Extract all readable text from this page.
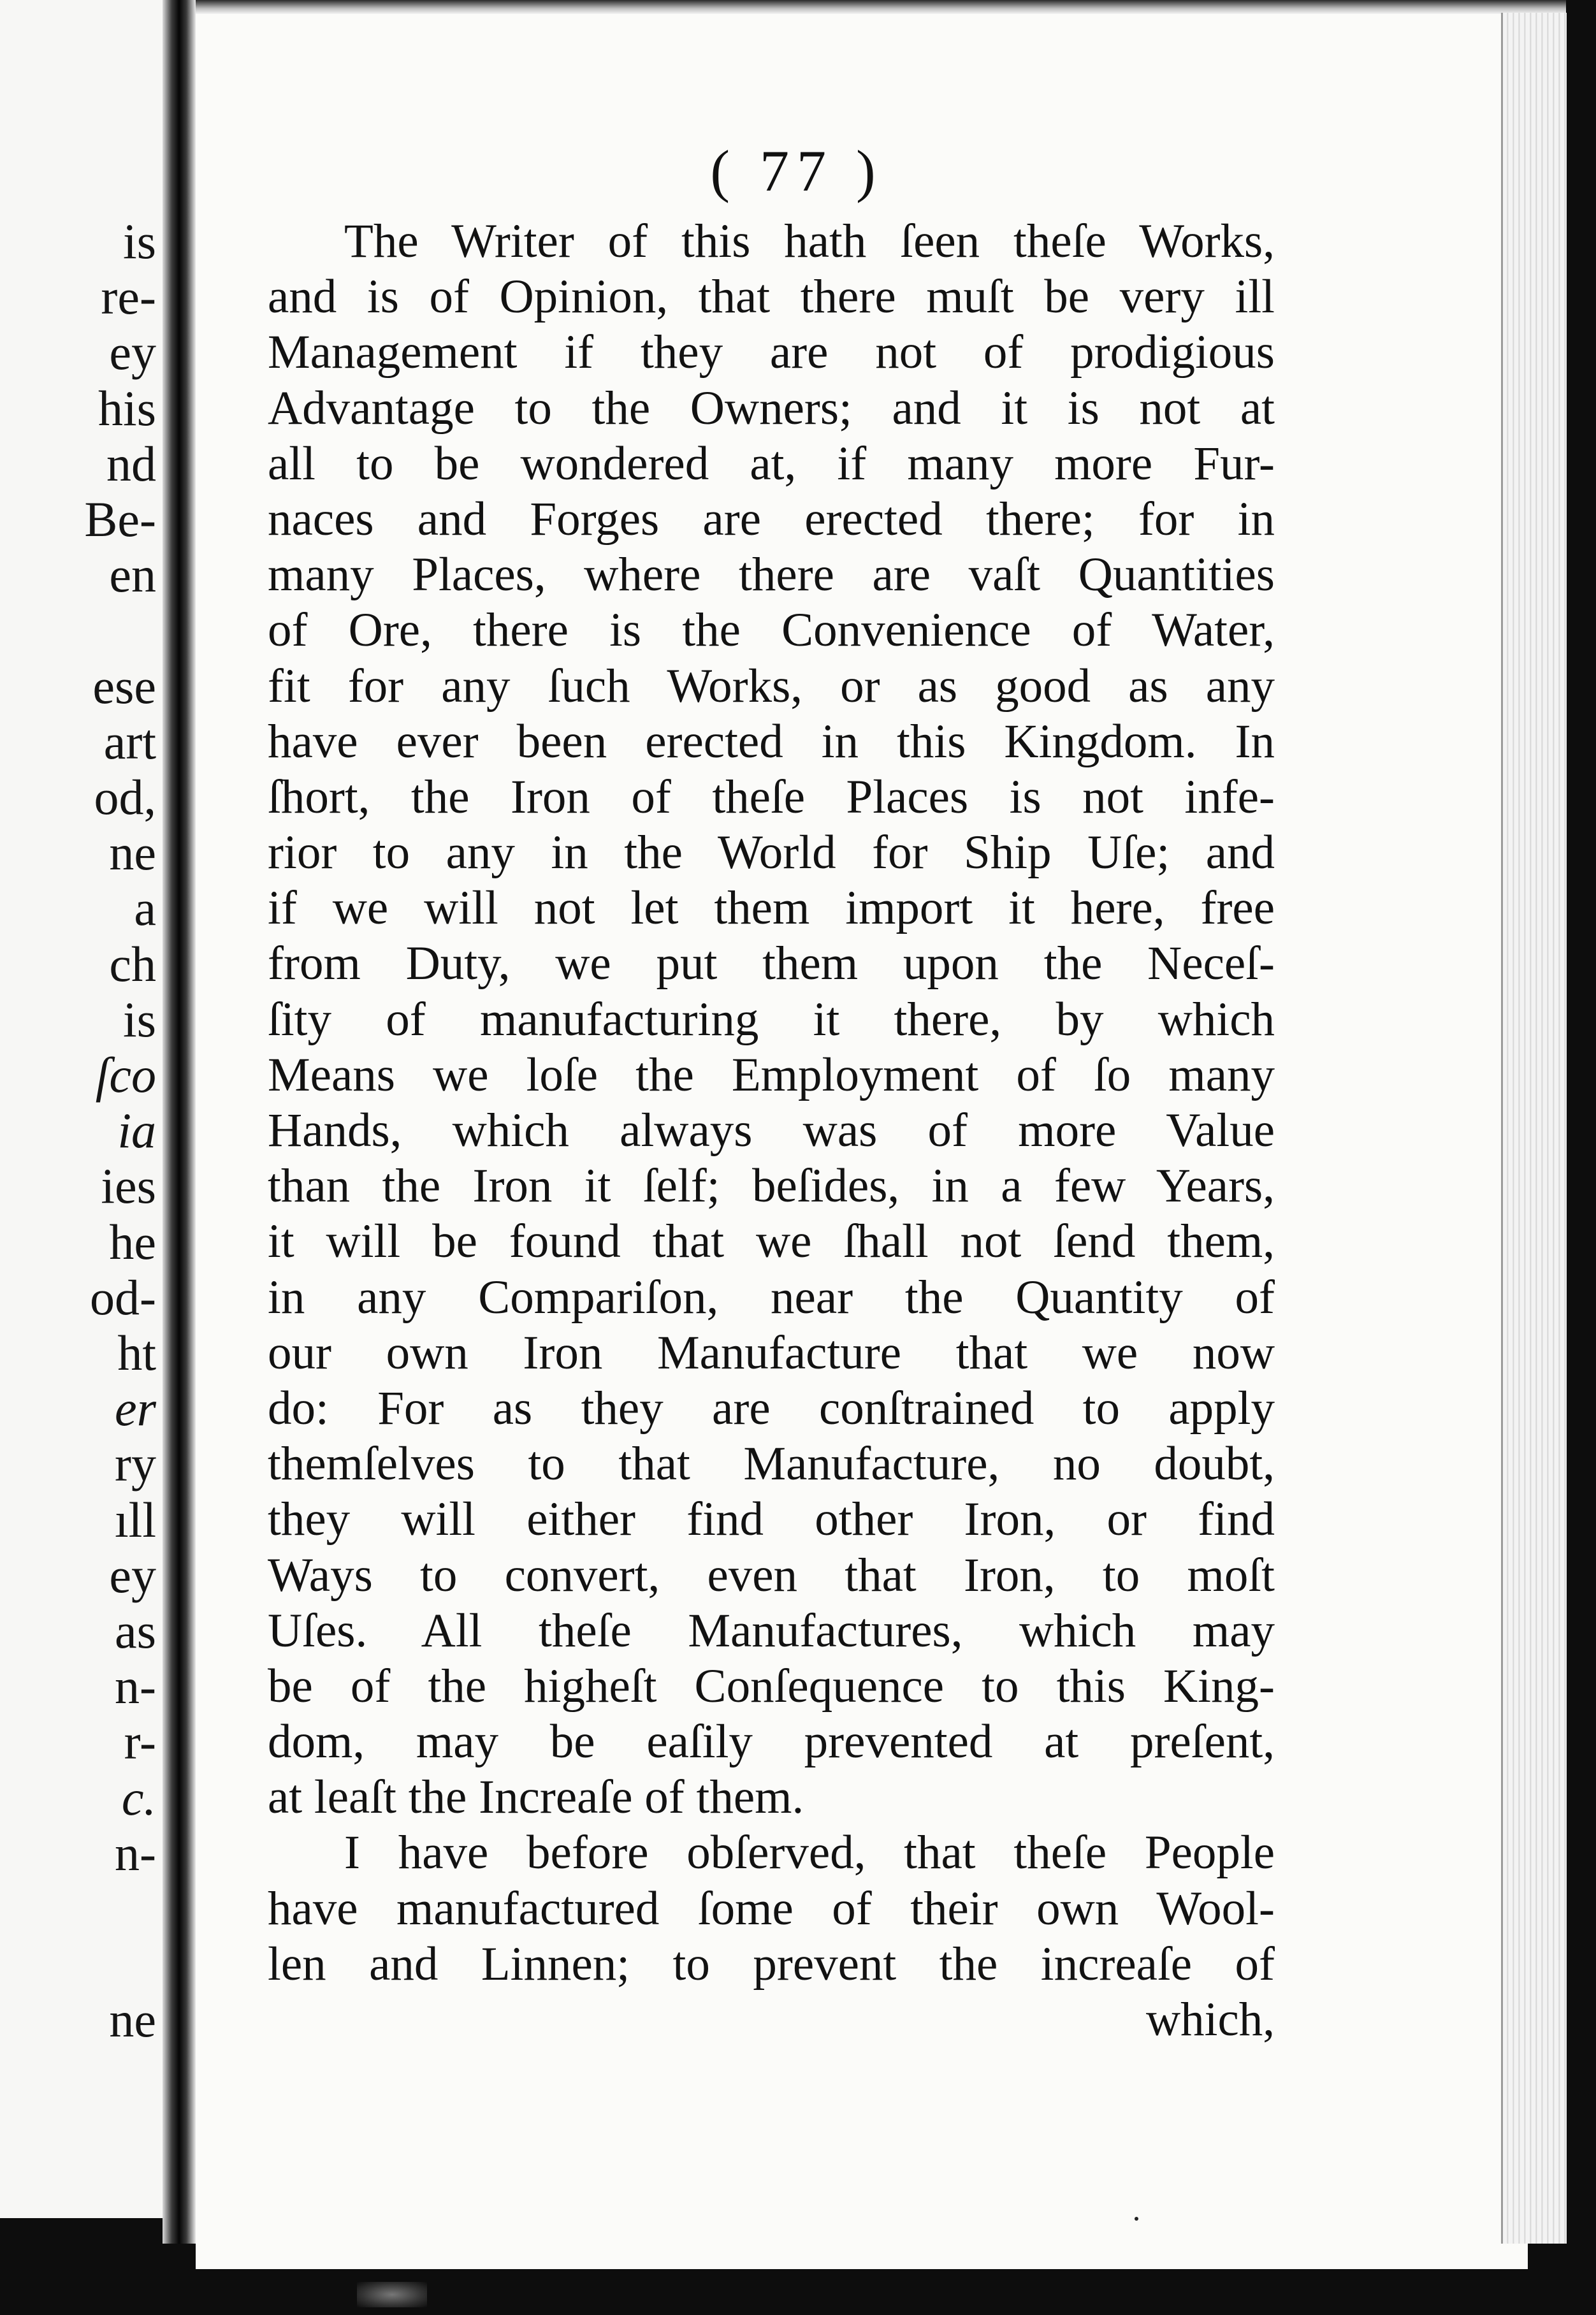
is
re-
ey
his
nd
Be-
en
ese
art
od,
ne
a
ch
is
ſco
ia
ies
he
od-
ht
er
ry
ıll
ey
as
n-
r-
c.
n-
ne
( 77 )
The Writer of this hath ſeen theſe Works,
and is of Opinion, that there muſt be very ill
Management if they are not of prodigious
Advantage to the Owners; and it is not at
all to be wondered at, if many more Fur-
naces and Forges are erected there; for in
many Places, where there are vaſt Quantities
of Ore, there is the Convenience of Water,
fit for any ſuch Works, or as good as any
have ever been erected in this Kingdom. In
ſhort, the Iron of theſe Places is not infe-
rior to any in the World for Ship Uſe; and
if we will not let them import it here, free
from Duty, we put them upon the Neceſ-
ſity of manufacturing it there, by which
Means we loſe the Employment of ſo many
Hands, which always was of more Value
than the Iron it ſelf; beſides, in a few Years,
it will be found that we ſhall not ſend them,
in any Compariſon, near the Quantity of
our own Iron Manufacture that we now
do: For as they are conſtrained to apply
themſelves to that Manufacture, no doubt,
they will either find other Iron, or find
Ways to convert, even that Iron, to moſt
Uſes. All theſe Manufactures, which may
be of the higheſt Conſequence to this King-
dom, may be eaſily prevented at preſent,
at leaſt the Increaſe of them.
I have before obſerved, that theſe People
have manufactured ſome of their own Wool-
len and Linnen; to prevent the increaſe of
which,
